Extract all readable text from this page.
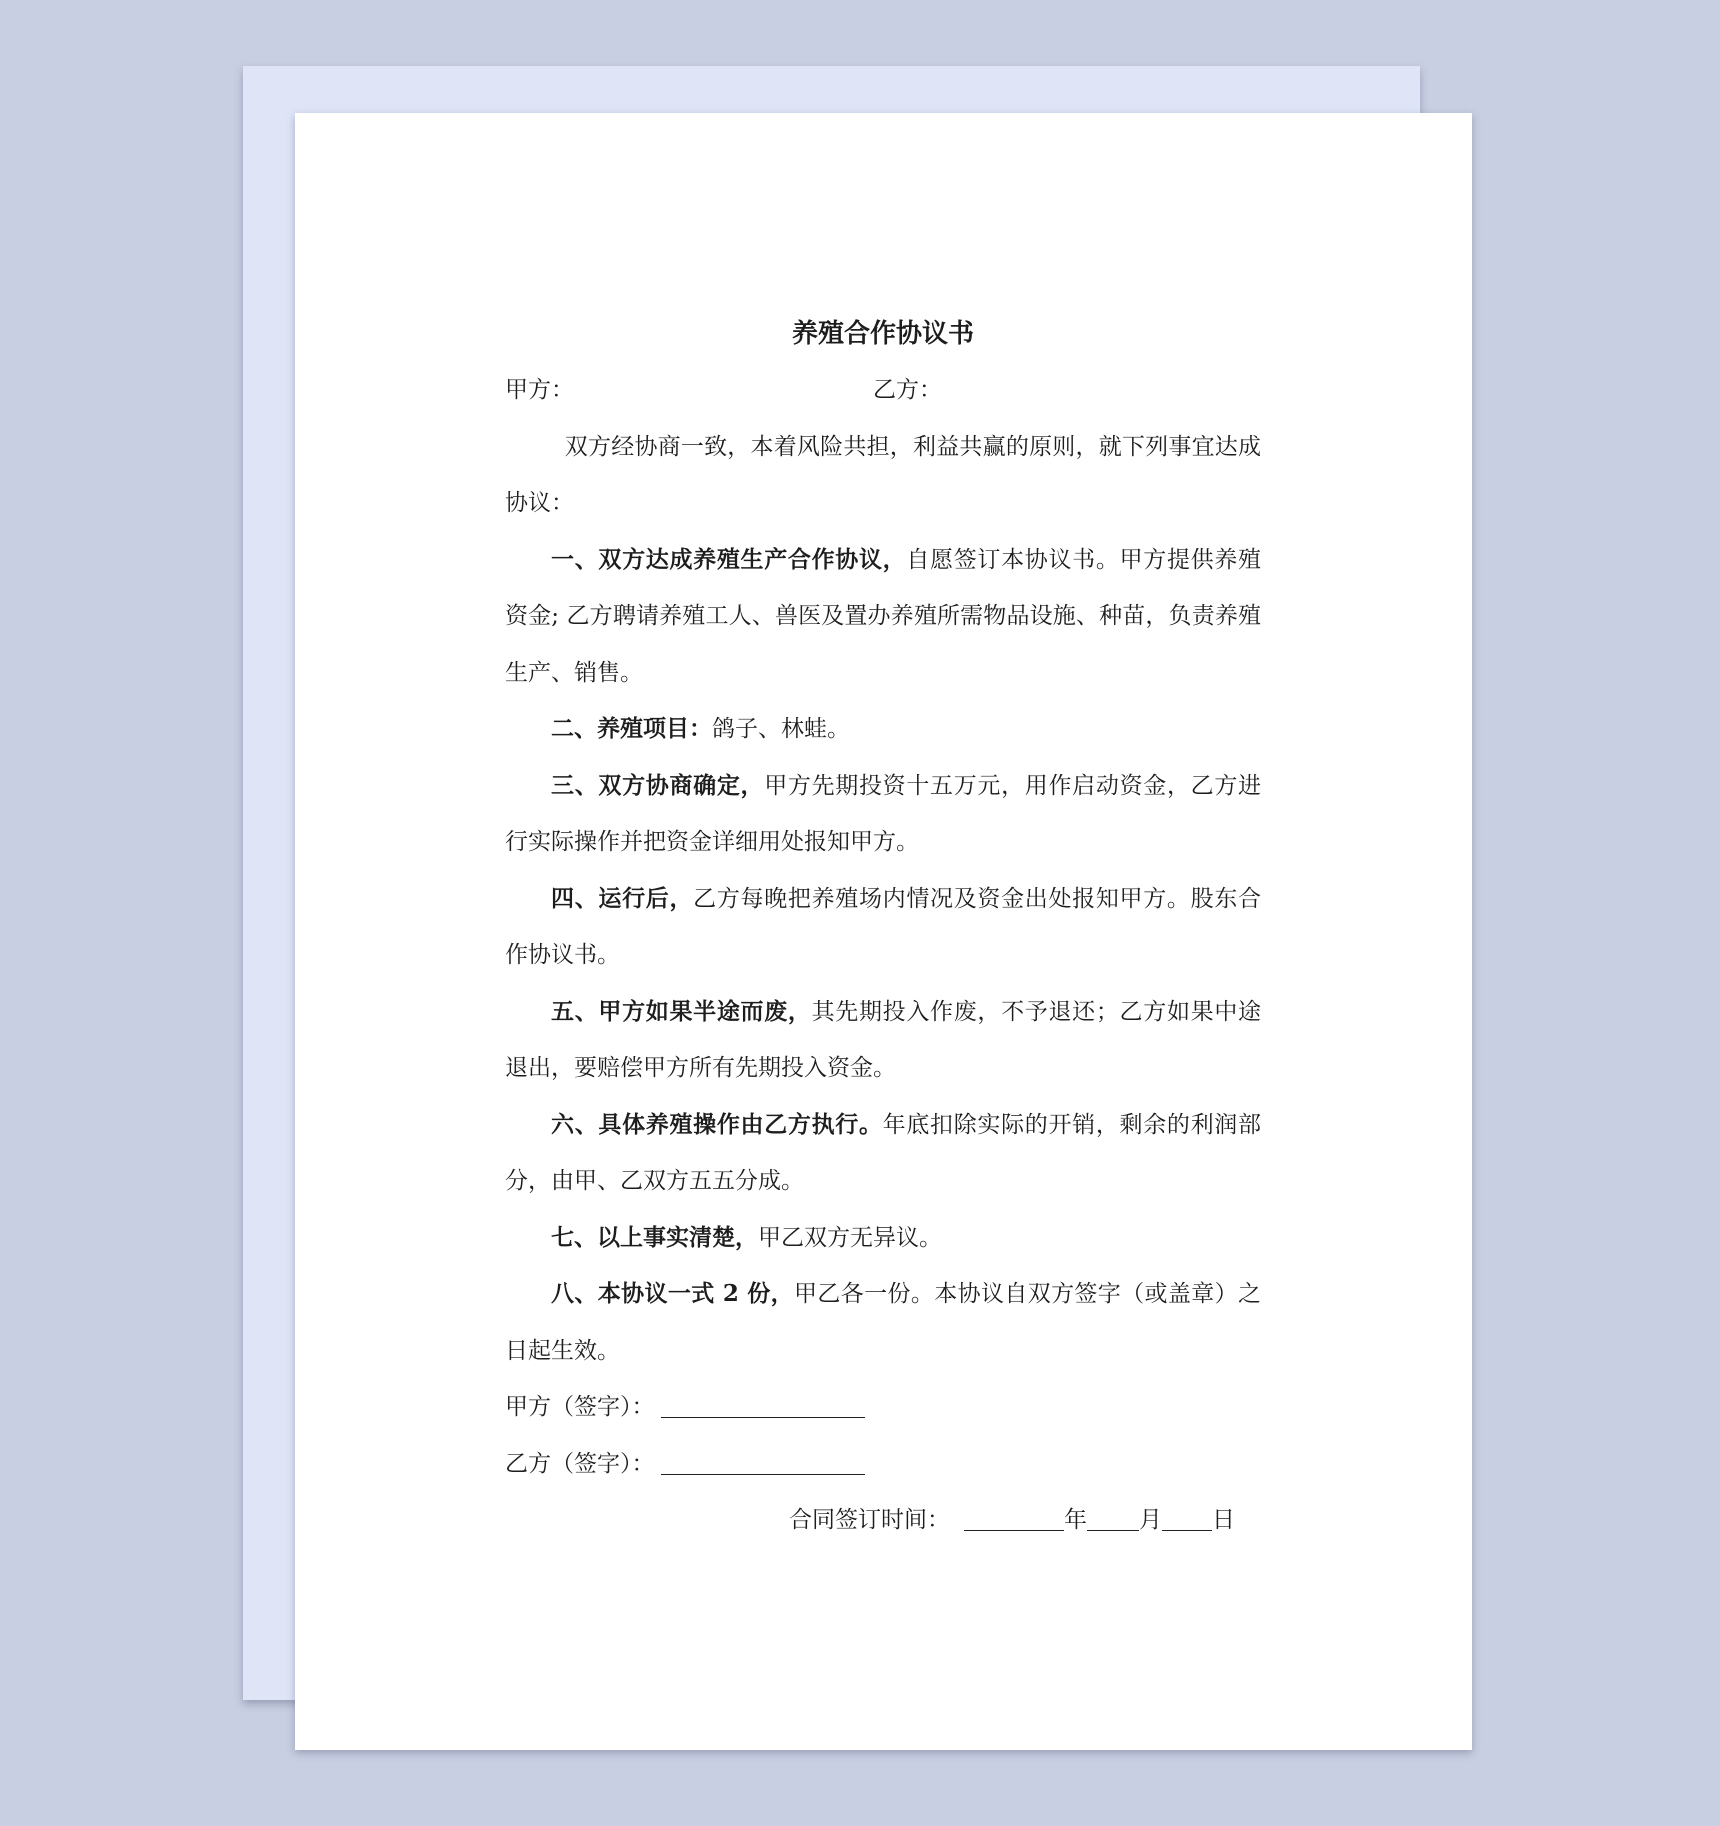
养殖合作协议书
甲方：	乙方：

双方经协商一致，本着风险共担，利益共赢的原则，就下列事宜达成协议：

一、双方达成养殖生产合作协议，自愿签订本协议书。甲方提供养殖资金; 乙方聘请养殖工人、兽医及置办养殖所需物品设施、种苗，负责养殖生产、销售。

二、养殖项目：鸽子、林蛙。

三、双方协商确定，甲方先期投资十五万元，用作启动资金，乙方进行实际操作并把资金详细用处报知甲方。

四、运行后，乙方每晚把养殖场内情况及资金出处报知甲方。股东合作协议书。

五、甲方如果半途而废，其先期投入作废，不予退还；乙方如果中途退出，要赔偿甲方所有先期投入资金。

六、具体养殖操作由乙方执行。年底扣除实际的开销，剩余的利润部分，由甲、乙双方五五分成。

七、以上事实清楚，甲乙双方无异议。

八、本协议一式 2 份，甲乙各一份。本协议自双方签字（或盖章）之日起生效。

甲方（签字）：

乙方（签字）：

合同签订时间：	年 月 日
